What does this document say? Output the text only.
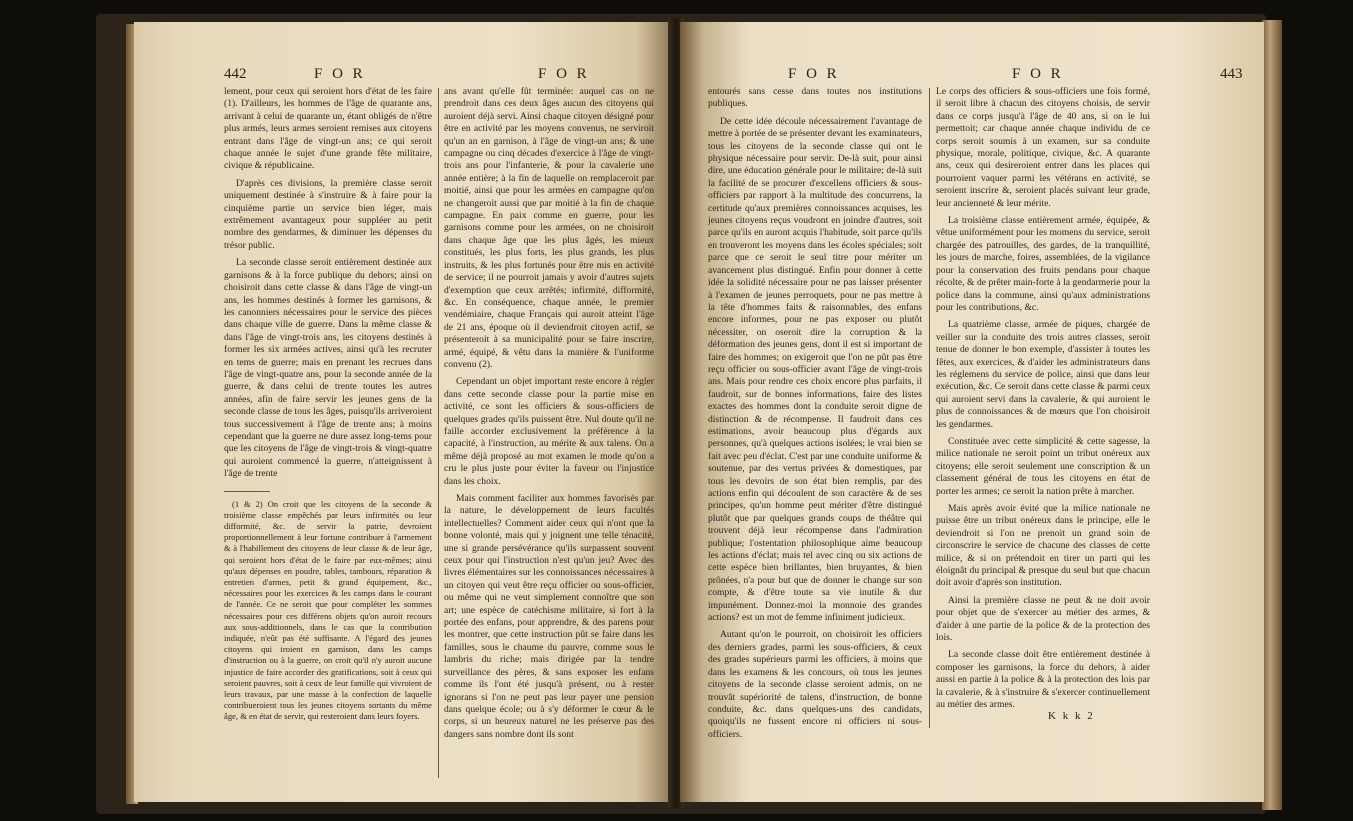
442	F O R	F O R

lement, pour ceux qui seroient hors d'état de les faire (1). D'ailleurs, les hommes de l'âge de quarante ans, arrivant à celui de quarante un, étant obligés de n'être plus armés, leurs armes seroient remises aux citoyens entrant dans l'âge de vingt-un ans; ce qui seroit chaque année le sujet d'une grande fête militaire, civique & républicaine.

D'après ces divisions, la première classe seroit uniquement destinée à s'instruire & à faire pour la cinquième partie un service bien léger, mais extrêmement avantageux pour suppléer au petit nombre des gendarmes, & diminuer les dépenses du trésor public.

La seconde classe seroit entièrement destinée aux garnisons & à la force publique du dehors; ainsi on choisiroit dans cette classe & dans l'âge de vingt-un ans, les hommes destinés à former les garnisons, & les canonniers nécessaires pour le service des pièces dans chaque ville de guerre. Dans la même classe & dans l'âge de vingt-trois ans, les citoyens destinés à former les six armées actives, ainsi qu'à les recruter en tems de guerre; mais en prenant les recrues dans l'âge de vingt-quatre ans, pour la seconde année de la guerre, & dans celui de trente toutes les autres années, afin de faire servir les jeunes gens de la seconde classe de tous les âges, puisqu'ils arriveroient tous successivement à l'âge de trente ans; à moins cependant que la guerre ne dure assez long-tems pour que les citoyens de l'âge de vingt-trois & vingt-quatre qui auroient commencé la guerre, n'atteignissent à l'âge de trente

(1 & 2) On croit que les citoyens de la seconde & troisième classe empêchés par leurs infirmités ou leur difformité, &c. de servir la patrie, devroient proportionnellement à leur fortune contribuer à l'armement & à l'habillement des citoyens de leur classe & de leur âge, qui seroient hors d'état de le faire par eux-mêmes; ainsi qu'aux dépenses en poudre, tables, tambours, réparation & entretien d'armes, petit & grand équipement, &c., nécessaires pour les exercices & les camps dans le courant de l'année. Ce ne seroit que pour compléter les sommes nécessaires pour ces différens objets qu'on auroit recours aux sous-additionnels, dans le cas que la contribution indiquée, n'eût pas été suffisante. A l'égard des jeunes citoyens qui iroient en garnison, dans les camps d'instruction ou à la guerre, on croit qu'il n'y auroit aucune injustice de faire accorder des gratifications, soit à ceux qui seroient pauvres, soit à ceux de leur famille qui vivroient de leurs travaux, par une masse à la confection de laquelle contribueroient tous les jeunes citoyens sortants du même âge, & en état de servir, qui resteroient dans leurs foyers.

ans avant qu'elle fût terminée: auquel cas on ne prendroit dans ces deux âges aucun des citoyens qui auroient déjà servi. Ainsi chaque citoyen désigné pour être en activité par les moyens convenus, ne serviroit qu'un an en garnison, à l'âge de vingt-un ans; & une campagne ou cinq décades d'exercice à l'âge de vingt-trois ans pour l'infanterie, & pour la cavalerie une année entière; à la fin de laquelle on remplaceroit par moitié, ainsi que pour les armées en campagne qu'on ne changeroit aussi que par moitié à la fin de chaque campagne. En paix comme en guerre, pour les garnisons comme pour les armées, on ne choisiroit dans chaque âge que les plus âgés, les mieux constitués, les plus forts, les plus grands, les plus instruits, & les plus fortunés pour être mis en activité de service; il ne pourroit jamais y avoir d'autres sujets d'exemption que ceux arrêtés; infirmité, difformité, &c. En conséquence, chaque année, le premier vendémiaire, chaque Français qui auroit atteint l'âge de 21 ans, époque où il deviendroit citoyen actif, se présenteroit à sa municipalité pour se faire inscrire, armé, équipé, & vêtu dans la manière & l'uniforme convenu (2).

Cependant un objet important reste encore à régler dans cette seconde classe pour la partie mise en activité, ce sont les officiers & sous-officiers de quelques grades qu'ils puissent être. Nul doute qu'il ne faille accorder exclusivement la préférence à la capacité, à l'instruction, au mérite & aux talens. On a même déjà proposé au mot examen le mode qu'on a cru le plus juste pour éviter la faveur ou l'injustice dans les choix.

Mais comment faciliter aux hommes favorisés par la nature, le développement de leurs facultés intellectuelles? Comment aider ceux qui n'ont que la bonne volonté, mais qui y joignent une telle ténacité, une si grande persévérance qu'ils surpassent souvent ceux pour qui l'instruction n'est qu'un jeu? Avec des livres élémentaires sur les connoissances nécessaires à un citoyen qui veut être reçu officier ou sous-officier, ou même qui ne veut simplement connoître que son art; une espèce de catéchisme militaire, si fort à la portée des enfans, pour apprendre, & des parens pour les montrer, que cette instruction pût se faire dans les familles, sous le chaume du pauvre, comme sous le lambris du riche; mais dirigée par la tendre surveillance des pères, & sans exposer les enfans comme ils l'ont été jusqu'à présent, ou à rester ignorans si l'on ne peut pas leur payer une pension dans quelque école; ou à s'y déformer le cœur & le corps, si un heureux naturel ne les préserve pas des dangers sans nombre dont ils sont

F O R	F O R	443

entourés sans cesse dans toutes nos institutions publiques.

De cette idée découle nécessairement l'avantage de mettre à portée de se présenter devant les examinateurs, tous les citoyens de la seconde classe qui ont le physique nécessaire pour servir. De-là suit, pour ainsi dire, une éducation générale pour le militaire; de-là suit la facilité de se procurer d'excellens officiers & sous-officiers par rapport à la multitude des concurrens, la certitude qu'aux premières connoissances acquises, les jeunes citoyens reçus voudront en joindre d'autres, soit parce qu'ils en auront acquis l'habitude, soit parce qu'ils en trouveront les moyens dans les écoles spéciales; soit parce que ce seroit le seul titre pour mériter un avancement plus distingué. Enfin pour donner à cette idée la solidité nécessaire pour ne pas laisser présenter à l'examen de jeunes perroquets, pour ne pas mettre à la tête d'hommes faits & raisonnables, des enfans encore informes, pour ne pas exposer ou plutôt nécessiter, on oseroit dire la corruption & la déformation des jeunes gens, dont il est si important de faire des hommes; on exigeroit que l'on ne pût pas être reçu officier ou sous-officier avant l'âge de vingt-trois ans. Mais pour rendre ces choix encore plus parfaits, il faudroit, sur de bonnes informations, faire des listes exactes des hommes dont la conduite seroit digne de distinction & de récompense. Il faudroit dans ces estimations, avoir beaucoup plus d'égards aux personnes, qu'à quelques actions isolées; le vrai bien se fait avec peu d'éclat. C'est par une conduite uniforme & soutenue, par des vertus privées & domestiques, par tous les devoirs de son état bien remplis, par des actions enfin qui découlent de son caractère & de ses principes, qu'un homme peut mériter d'être distingué plutôt que par quelques grands coups de théâtre qui trouvent déjà leur récompense dans l'admiration publique; l'ostentation philosophique aime beaucoup les actions d'éclat; mais tel avec cinq ou six actions de cette espèce bien brillantes, bien bruyantes, & bien prônées, n'a pour but que de donner le change sur son compte, & d'être toute sa vie inutile & dur impunément. Donnez-moi la monnoie des grandes actions? est un mot de femme infiniment judicieux.

Autant qu'on le pourroit, on choisiroit les officiers des derniers grades, parmi les sous-officiers, & ceux des grades supérieurs parmi les officiers, à moins que dans les examens & les concours, où tous les jeunes citoyens de la seconde classe seroient admis, on ne trouvât supériorité de talens, d'instruction, de bonne conduite, &c. dans quelques-uns des candidats, quoiqu'ils ne fussent encore ni officiers ni sous-officiers.

Le corps des officiers & sous-officiers une fois formé, il seroit libre à chacun des citoyens choisis, de servir dans ce corps jusqu'à l'âge de 40 ans, si on le lui permettoit; car chaque année chaque individu de ce corps seroit soumis à un examen, sur sa conduite physique, morale, politique, civique, &c. A quarante ans, ceux qui desireroient entrer dans les places qui pourroient vaquer parmi les vétérans en activité, se seroient inscrire &, seroient placés suivant leur grade, leur ancienneté & leur mérite.

La troisième classe entièrement armée, équipée, & vêtue uniformément pour les momens du service, seroit chargée des patrouilles, des gardes, de la tranquillité, les jours de marche, foires, assemblées, de la vigilance pour la conservation des fruits pendans pour chaque récolte, & de prêter main-forte à la gendarmerie pour la police dans la commune, ainsi qu'aux administrations pour les contributions, &c.

La quatrième classe, armée de piques, chargée de veiller sur la conduite des trois autres classes, seroit tenue de donner le bon exemple, d'assister à toutes les fêtes, aux exercices, & d'aider les administrateurs dans les réglemens du service de police, ainsi que dans leur exécution, &c. Ce seroit dans cette classe & parmi ceux qui auroient servi dans la cavalerie, & qui auroient le plus de connoissances & de mœurs que l'on choisiroit les gendarmes.

Constituée avec cette simplicité & cette sagesse, la milice nationale ne seroit point un tribut onéreux aux citoyens; elle seroit seulement une conscription & un classement général de tous les citoyens en état de porter les armes; ce seroit la nation prête à marcher.

Mais après avoir évité que la milice nationale ne puisse être un tribut onéreux dans le principe, elle le deviendroit si l'on ne prenoit un grand soin de circonscrire le service de chacune des classes de cette milice, & si on prétendoit en tirer un parti qui les éloignât du principal & presque du seul but que chacun doit avoir d'après son institution.

Ainsi la première classe ne peut & ne doit avoir pour objet que de s'exercer au métier des armes, & d'aider à une partie de la police & de la protection des lois.

La seconde classe doit être entièrement destinée à composer les garnisons, la force du dehors, à aider aussi en partie à la police & à la protection des lois par la cavalerie, & à s'instruire & s'exercer continuellement au métier des armes.

K k k 2
